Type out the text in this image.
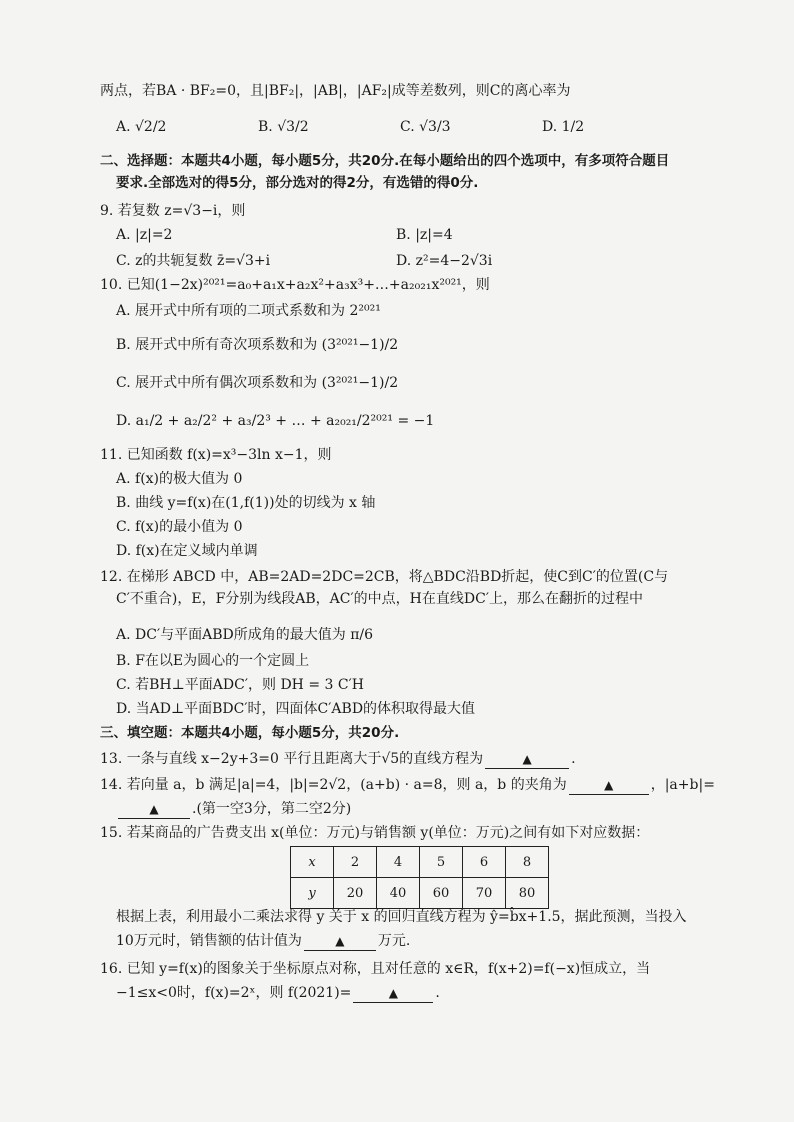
两点，若BA · BF₂=0，且|BF₂|，|AB|，|AF₂|成等差数列，则C的离心率为
A. √2/2	B. √3/2	C. √3/3	D. 1/2
二、选择题：本题共4小题，每小题5分，共20分.在每小题给出的四个选项中，有多项符合题目
要求.全部选对的得5分，部分选对的得2分，有选错的得0分.
9. 若复数 z=√3−i，则
A. |z|=2	B. |z|=4
C. z的共轭复数 z̄=√3+i	D. z²=4−2√3i
10. 已知(1−2x)²⁰²¹=a₀+a₁x+a₂x²+a₃x³+…+a₂₀₂₁x²⁰²¹，则
A. 展开式中所有项的二项式系数和为 2²⁰²¹
B. 展开式中所有奇次项系数和为 (3²⁰²¹−1)/2
C. 展开式中所有偶次项系数和为 (3²⁰²¹−1)/2
D. a₁/2 + a₂/2² + a₃/2³ + … + a₂₀₂₁/2²⁰²¹ = −1
11. 已知函数 f(x)=x³−3ln x−1，则
A. f(x)的极大值为 0
B. 曲线 y=f(x)在(1,f(1))处的切线为 x 轴
C. f(x)的最小值为 0
D. f(x)在定义域内单调
12. 在梯形 ABCD 中，AB=2AD=2DC=2CB，将△BDC沿BD折起，使C到C′的位置(C与
C′不重合)，E，F分别为线段AB，AC′的中点，H在直线DC′上，那么在翻折的过程中
A. DC′与平面ABD所成角的最大值为 π/6
B. F在以E为圆心的一个定圆上
C. 若BH⊥平面ADC′，则 DH = 3 C′H
D. 当AD⊥平面BDC′时，四面体C′ABD的体积取得最大值
三、填空题：本题共4小题，每小题5分，共20分.
13. 一条与直线 x−2y+3=0 平行且距离大于√5的直线方程为	▲	.
14. 若向量 a，b 满足|a|=4，|b|=2√2，(a+b) · a=8，则 a，b 的夹角为	▲	，|a+b|=
▲ .(第一空3分，第二空2分)
15. 若某商品的广告费支出 x(单位：万元)与销售额 y(单位：万元)之间有如下对应数据：
x	2	4	5	6	8
y	20	40	60	70	80
根据上表，利用最小二乘法求得 y 关于 x 的回归直线方程为 ŷ=b̂x+1.5，据此预测，当投入
10万元时，销售额的估计值为	▲ 万元.
16. 已知 y=f(x)的图象关于坐标原点对称，且对任意的 x∈R，f(x+2)=f(−x)恒成立，当
−1≤x<0时，f(x)=2ˣ，则 f(2021)=	▲	.
